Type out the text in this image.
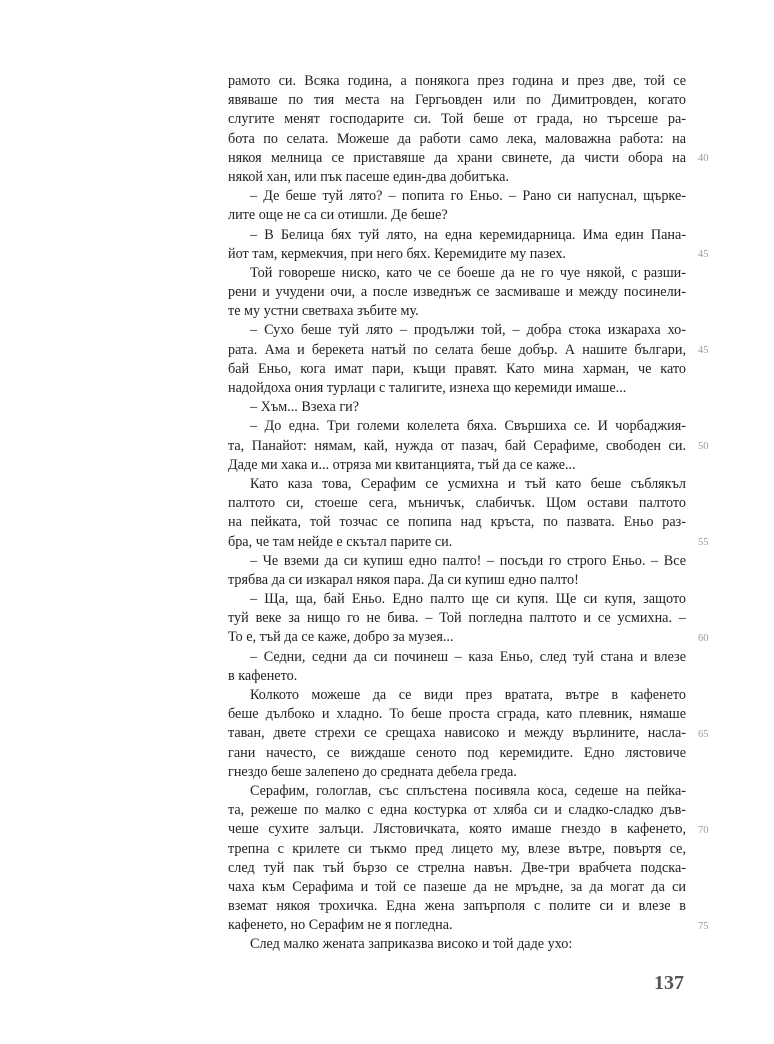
рамото си. Всяка година, а понякога през година и през две, той се
явяваше по тия места на Гергьовден или по Димитровден, когато
слугите менят господарите си. Той беше от града, но търсеше ра-
бота по селата. Можеше да работи само лека, маловажна работа: на
някоя мелница се приставяше да храни свинете, да чисти обора на
някой хан, или пък пасеше един-два добитъка.
– Де беше туй лято? – попита го Еньо. – Рано си напуснал, щърке-
лите още не са си отишли. Де беше?
– В Белица бях туй лято, на една керемидарница. Има един Пана-
йот там, кермекчия, при него бях. Керемидите му пазех.
Той говореше ниско, като че се боеше да не го чуе някой, с разши-
рени и учудени очи, а после изведнъж се засмиваше и между посинели-
те му устни светваха зъбите му.
– Сухо беше туй лято – продължи той, – добра стока изкараха хо-
рата. Ама и берекета натъй по селата беше добър. А нашите българи,
бай Еньо, кога имат пари, къщи правят. Като мина харман, че като
надойдоха ония турлаци с талигите, изнеха що керемиди имаше...
– Хъм... Взеха ги?
– До една. Три големи колелета бяха. Свършиха се. И чорбаджия-
та, Панайот: нямам, кай, нужда от пазач, бай Серафиме, свободен си.
Даде ми хака и... отряза ми квитанцията, тъй да се каже...
Като каза това, Серафим се усмихна и тъй като беше съблякъл
палтото си, стоеше сега, мъничък, слабичък. Щом остави палтото
на пейката, той тозчас се попипа над кръста, по пазвата. Еньо раз-
бра, че там нейде е скътал парите си.
– Че вземи да си купиш едно палто! – посъди го строго Еньо. – Все
трябва да си изкарал някоя пара. Да си купиш едно палто!
– Ща, ща, бай Еньо. Едно палто ще си купя. Ще си купя, защото
туй веке за нищо го не бива. – Той погледна палтото и се усмихна. –
То е, тъй да се каже, добро за музея...
– Седни, седни да си починеш – каза Еньо, след туй стана и влезе
в кафенето.
Колкото можеше да се види през вратата, вътре в кафенето
беше дълбоко и хладно. То беше проста сграда, като плевник, нямаше
таван, двете стрехи се срещаха нависоко и между върлините, насла-
гани начесто, се виждаше сеното под керемидите. Едно лястовиче
гнездо беше залепено до средната дебела греда.
Серафим, гологлав, със сплъстена посивяла коса, седеше на пейка-
та, режеше по малко с една костурка от хляба си и сладко-сладко дъв-
чеше сухите залъци. Лястовичката, която имаше гнездо в кафенето,
трепна с крилете си тъкмо пред лицето му, влезе вътре, повъртя се,
след туй пак тъй бързо се стрелна навън. Две-три врабчета подска-
чаха към Серафима и той се пазеше да не мръдне, за да могат да си
вземат някоя трохичка. Една жена запърполя с полите си и влезе в
кафенето, но Серафим не я погледна.
След малко жената заприказва високо и той даде ухо:
40
45
45
50
55
60
65
70
75
137
